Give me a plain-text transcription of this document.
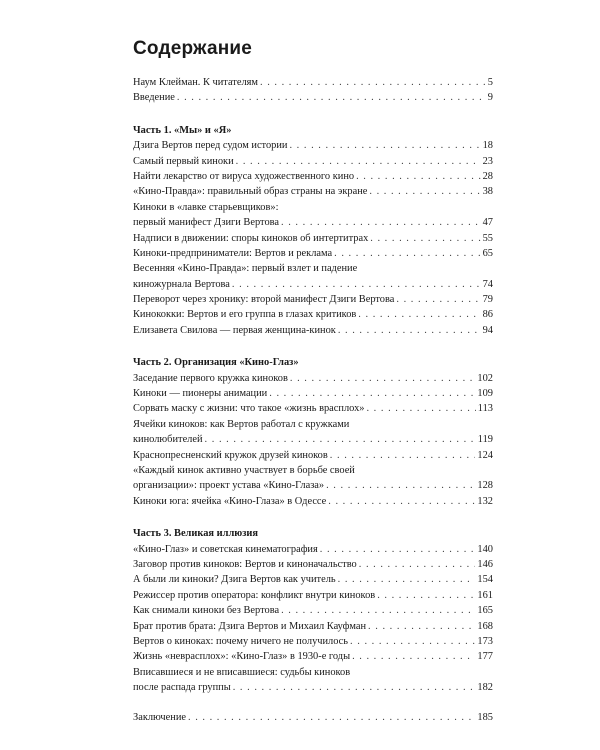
Содержание
Наум Клейман. К читателям . . .	5
Введение . . .	9
Часть 1. «Мы» и «Я»
Дзига Вертов перед судом истории . . .	18
Самый первый киноки . . .	23
Найти лекарство от вируса художественного кино . . .	28
«Кино-Правда»: правильный образ страны на экране . . .	38
Киноки в «лавке старьевщиков»:
первый манифест Дзиги Вертова . . .	47
Надписи в движении: споры киноков об интертитрах . . .	55
Киноки-предприниматели: Вертов и реклама . . .	65
Весенняя «Кино-Правда»: первый взлет и падение
киножурнала Вертова . . .	74
Переворот через хронику: второй манифест Дзиги Вертова . . .	79
Кинококки: Вертов и его группа в глазах критиков . . .	86
Елизавета Свилова — первая женщина-кинок . . .	94
Часть 2. Организация «Кино-Глаз»
Заседание первого кружка киноков . . .	102
Киноки — пионеры анимации . . .	109
Сорвать маску с жизни: что такое «жизнь врасплох» . . .	113
Ячейки киноков: как Вертов работал с кружками
кинолюбителей . . .	119
Краснопресненский кружок друзей киноков . . .	124
«Каждый кинок активно участвует в борьбе своей
организации»: проект устава «Кино-Глаза» . . .	128
Киноки юга: ячейка «Кино-Глаза» в Одессе . . .	132
Часть 3. Великая иллюзия
«Кино-Глаз» и советская кинематография . . .	140
Заговор против киноков: Вертов и киноначальство . . .	146
А были ли киноки? Дзига Вертов как учитель . . .	154
Режиссер против оператора: конфликт внутри киноков . . .	161
Как снимали киноки без Вертова . . .	165
Брат против брата: Дзига Вертов и Михаил Кауфман . . .	168
Вертов о киноках: почему ничего не получилось . . .	173
Жизнь «неврасплох»: «Кино-Глаз» в 1930-е годы . . .	177
Вписавшиеся и не вписавшиеся: судьбы киноков
после распада группы . . .	182
Заключение . . .	185
